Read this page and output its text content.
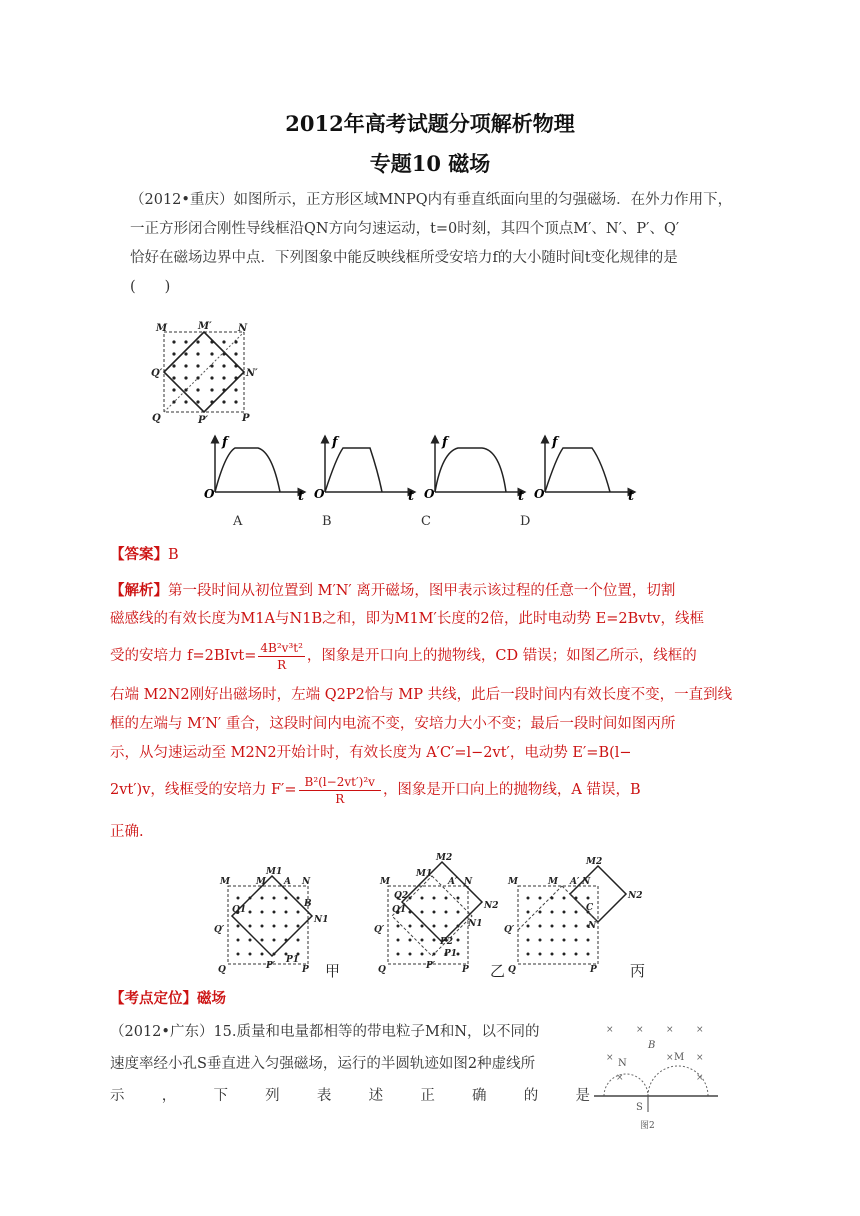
2012年高考试题分项解析物理
专题10 磁场
（2012•重庆）如图所示，正方形区域MNPQ内有垂直纸面向里的匀强磁场．在外力作用下，
一正方形闭合刚性导线框沿QN方向匀速运动，t=0时刻，其四个顶点M′、N′、P′、Q′
恰好在磁场边界中点．下列图象中能反映线框所受安培力f的大小随时间t变化规律的是
(　　)
M	M′	N
N′
P
P′
Q
Q′
f
O	t
f
O	t
f
O	t
f
O	t
A	B	C	D
【答案】B
【解析】第一段时间从初位置到 M′N′ 离开磁场，图甲表示该过程的任意一个位置，切割
磁感线的有效长度为M1A与N1B之和，即为M1M′长度的2倍，此时电动势 E=2Bvtv，线框
受的安培力 f=2BIvt= $\frac{\text{4B²v³t²}}{R}$ ，图象是开口向上的抛物线，CD 错误；如图乙所示，线框的
右端 M2N2刚好出磁场时，左端 Q2P2恰与 MP 共线，此后一段时间内有效长度不变，一直到线
框的左端与 M′N′ 重合，这段时间内电流不变，安培力大小不变；最后一段时间如图丙所
示，从匀速运动至 M2N2开始计时，有效长度为 A′C′=l−2vt′，电动势 E′=B(l−
2vt′)v，线框受的安培力 $F'= \frac{\text{B²(l−2vt′)²v}}{R}$ ，图象是开口向上的抛物线，A 错误，B
正确.
M	M
M1
A N
B
N1
Q1
Q′
Q	P′
P1
P
M
M2
M1
A′ N
N2
N1
Q2
Q1
Q′
Q	P′
P1
P2
P
M	M
M2
A′ N
N2
C
N′
Q′
Q	P
甲	乙	丙
【考点定位】磁场
（2012•广东）15.质量和电量都相等的带电粒子M和N，以不同的
速度率经小孔S垂直进入匀强磁场，运行的半圆轨迹如图2种虚线所
示	，	下	列	表	述	正	确	的	是
× × × ×
×	× ×
×	×
N
M
B
S
图2
